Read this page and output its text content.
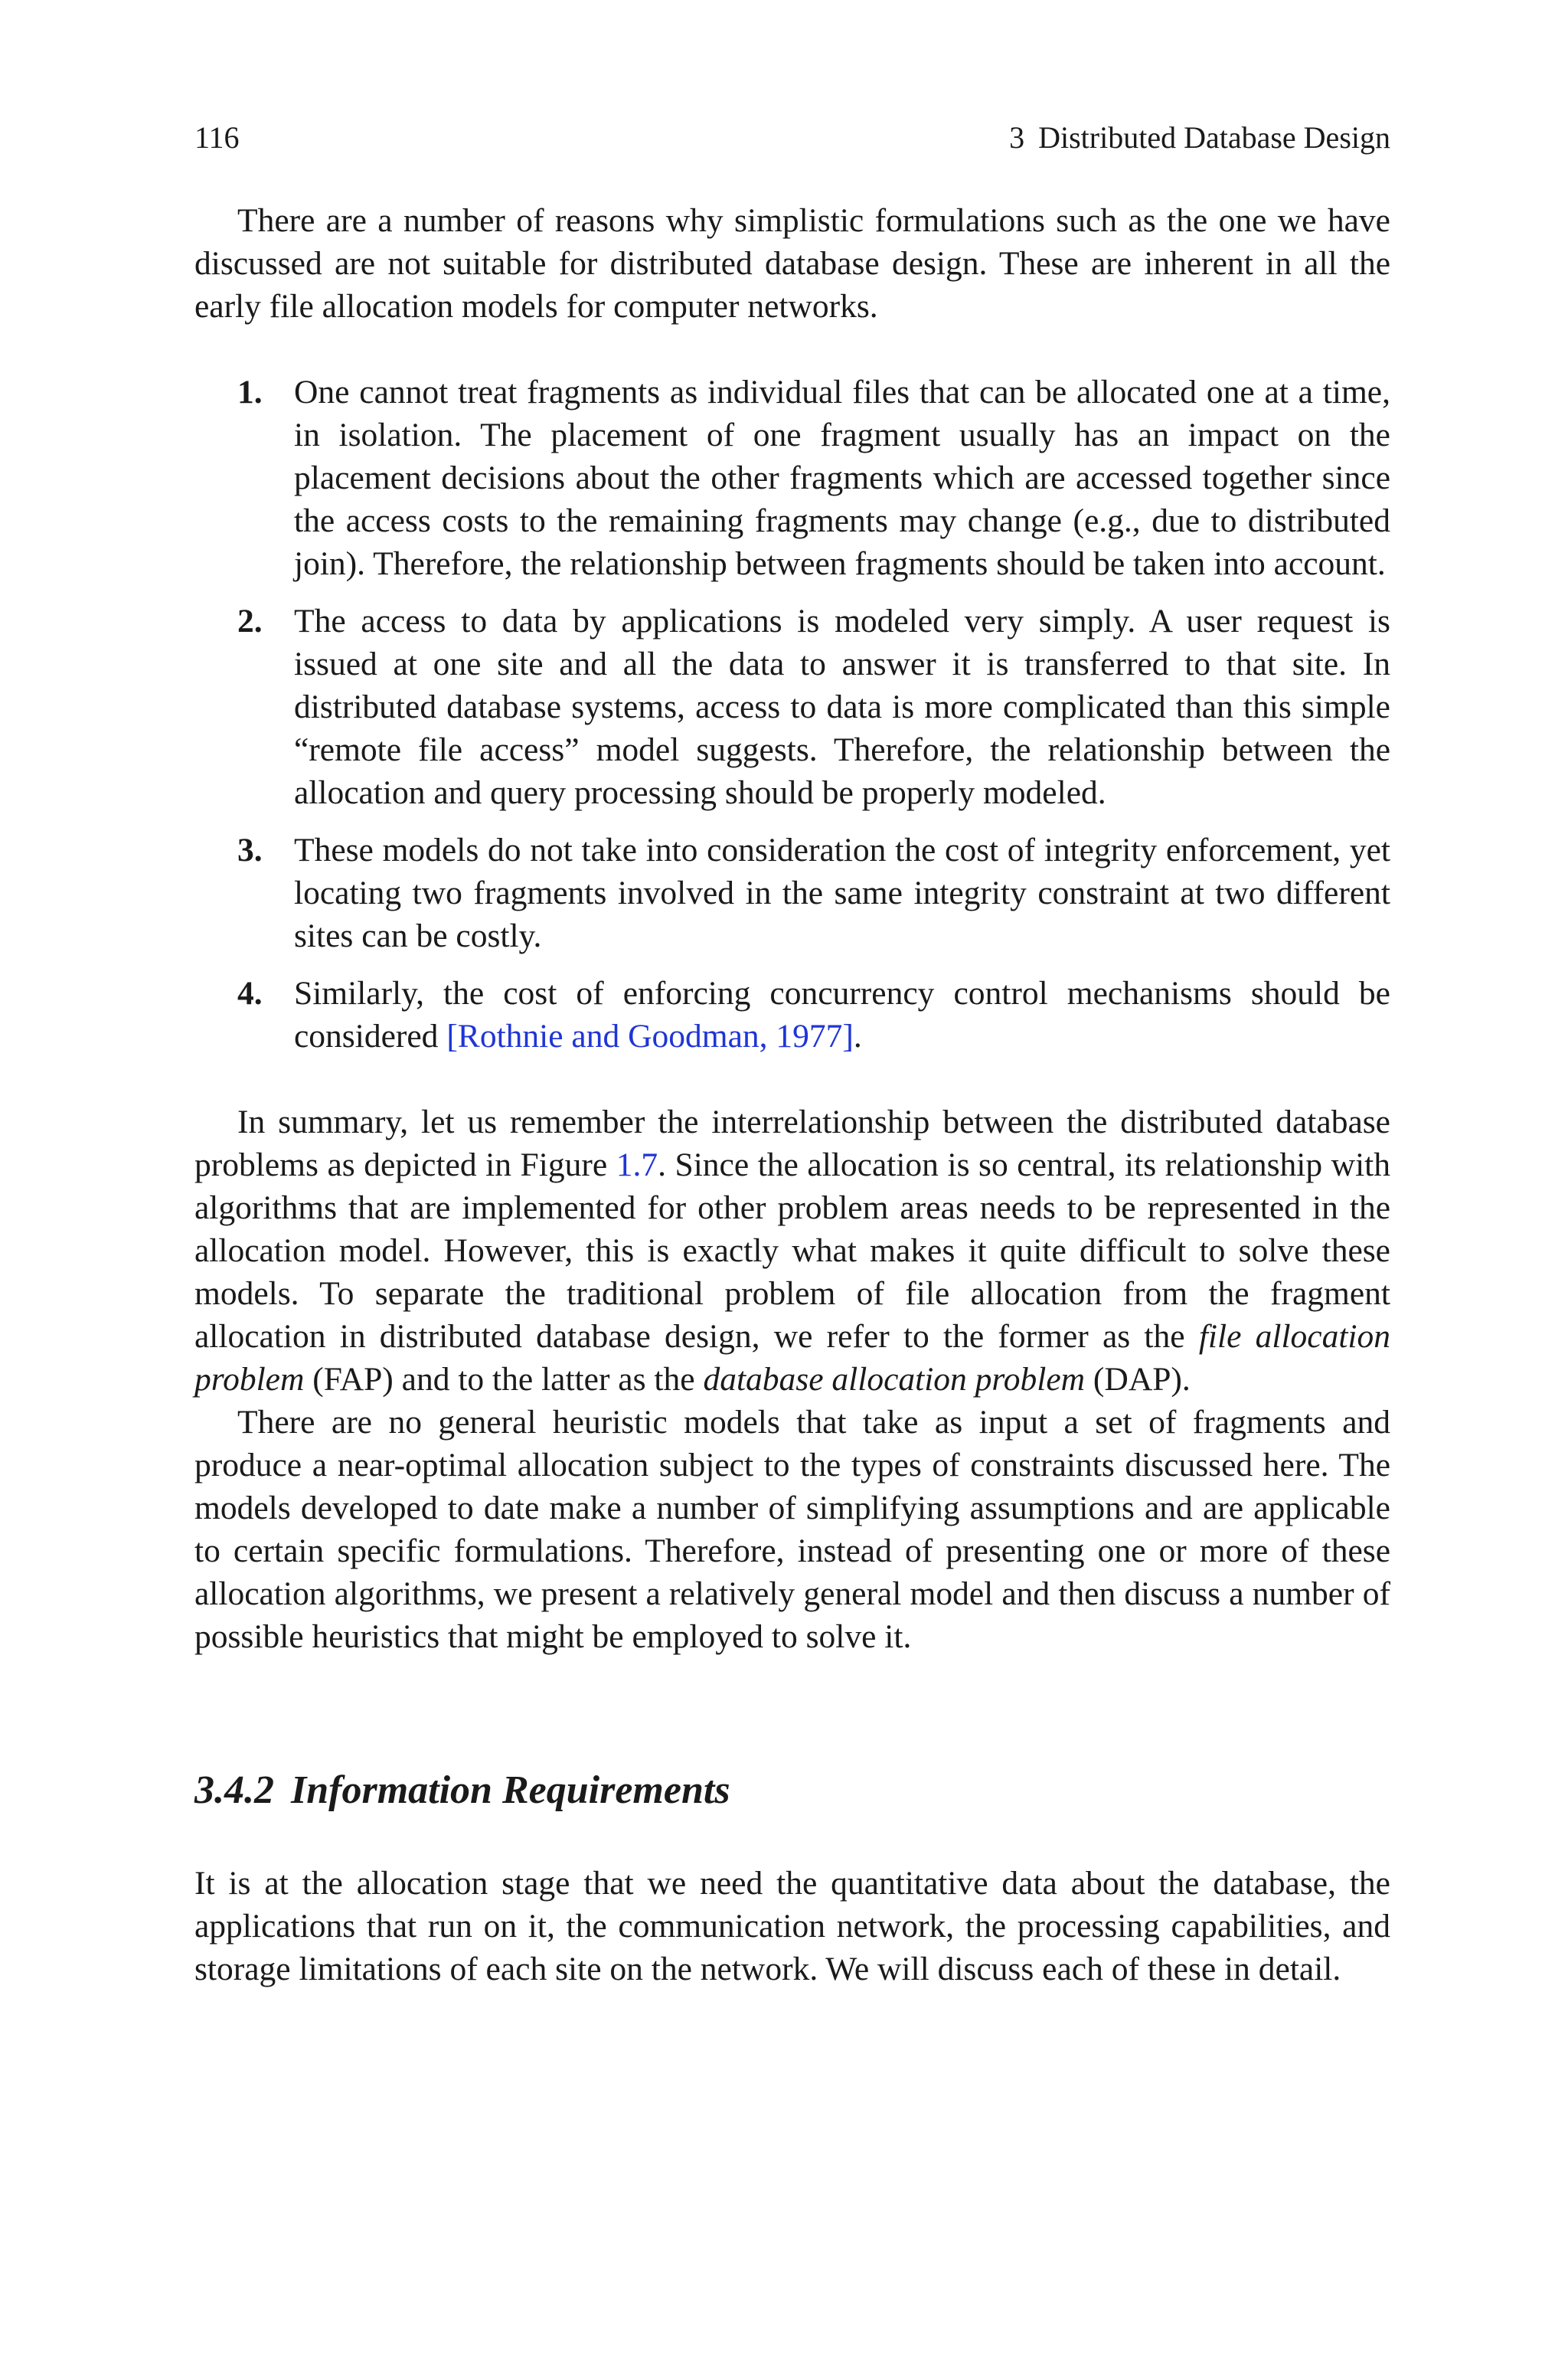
116	3 Distributed Database Design

There are a number of reasons why simplistic formulations such as the one we have discussed are not suitable for distributed database design. These are inherent in all the early file allocation models for computer networks.

1. One cannot treat fragments as individual files that can be allocated one at a time, in isolation. The placement of one fragment usually has an impact on the placement decisions about the other fragments which are accessed together since the access costs to the remaining fragments may change (e.g., due to distributed join). Therefore, the relationship between fragments should be taken into account.
2. The access to data by applications is modeled very simply. A user request is issued at one site and all the data to answer it is transferred to that site. In distributed database systems, access to data is more complicated than this simple “remote file access” model suggests. Therefore, the relationship between the allocation and query processing should be properly modeled.
3. These models do not take into consideration the cost of integrity enforcement, yet locating two fragments involved in the same integrity constraint at two different sites can be costly.
4. Similarly, the cost of enforcing concurrency control mechanisms should be considered [Rothnie and Goodman, 1977].

In summary, let us remember the interrelationship between the distributed database problems as depicted in Figure 1.7. Since the allocation is so central, its relationship with algorithms that are implemented for other problem areas needs to be represented in the allocation model. However, this is exactly what makes it quite difficult to solve these models. To separate the traditional problem of file allocation from the fragment allocation in distributed database design, we refer to the former as the file allocation problem (FAP) and to the latter as the database allocation problem (DAP).

There are no general heuristic models that take as input a set of fragments and produce a near-optimal allocation subject to the types of constraints discussed here. The models developed to date make a number of simplifying assumptions and are applicable to certain specific formulations. Therefore, instead of presenting one or more of these allocation algorithms, we present a relatively general model and then discuss a number of possible heuristics that might be employed to solve it.

3.4.2 Information Requirements

It is at the allocation stage that we need the quantitative data about the database, the applications that run on it, the communication network, the processing capabilities, and storage limitations of each site on the network. We will discuss each of these in detail.
